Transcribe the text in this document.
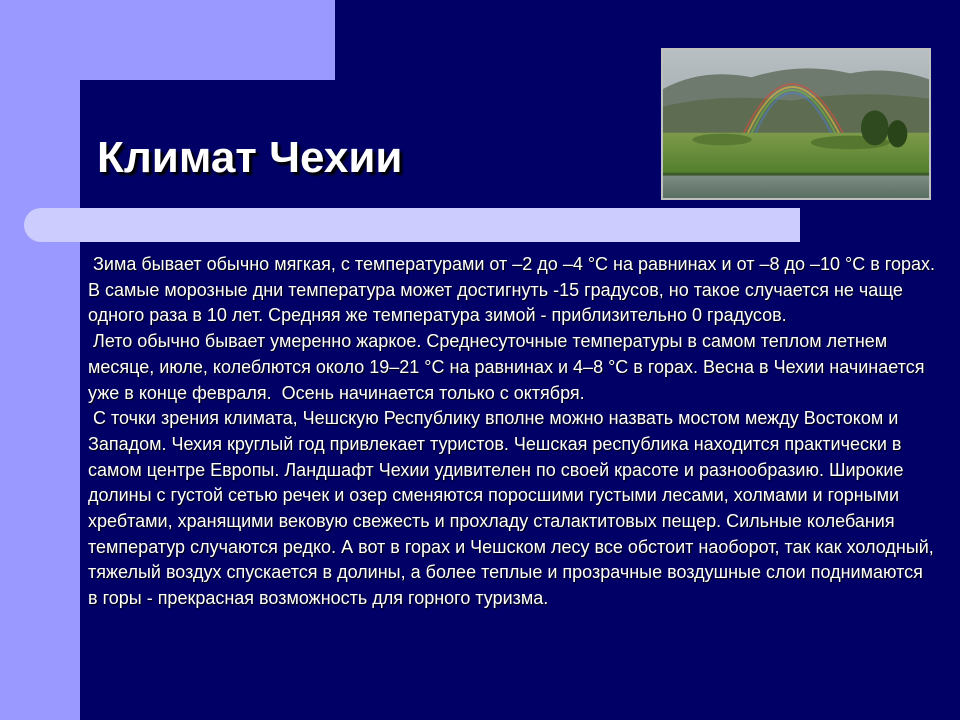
Климат Чехии

Зима бывает обычно мягкая, с температурами от –2 до –4 °C на равнинах и от –8 до –10 °C в горах. В самые морозные дни температура может достигнуть -15 градусов, но такое случается не чаще одного раза в 10 лет. Средняя же температура зимой - приблизительно 0 градусов.

Лето обычно бывает умеренно жаркое. Среднесуточные температуры в самом теплом летнем месяце, июле, колеблются около 19–21 °C на равнинах и 4–8 °C в горах. Весна в Чехии начинается уже в конце февраля.  Осень начинается только с октября.

С точки зрения климата, Чешскую Республику вполне можно назвать мостом между Востоком и Западом. Чехия круглый год привлекает туристов. Чешская республика находится практически в самом центре Европы. Ландшафт Чехии удивителен по своей красоте и разнообразию. Широкие долины с густой сетью речек и озер сменяются поросшими густыми лесами, холмами и горными хребтами, хранящими вековую свежесть и прохладу сталактитовых пещер. Сильные колебания температур случаются редко. А вот в горах и Чешском лесу все обстоит наоборот, так как холодный, тяжелый воздух спускается в долины, а более теплые и прозрачные воздушные слои поднимаются в горы - прекрасная возможность для горного туризма.
